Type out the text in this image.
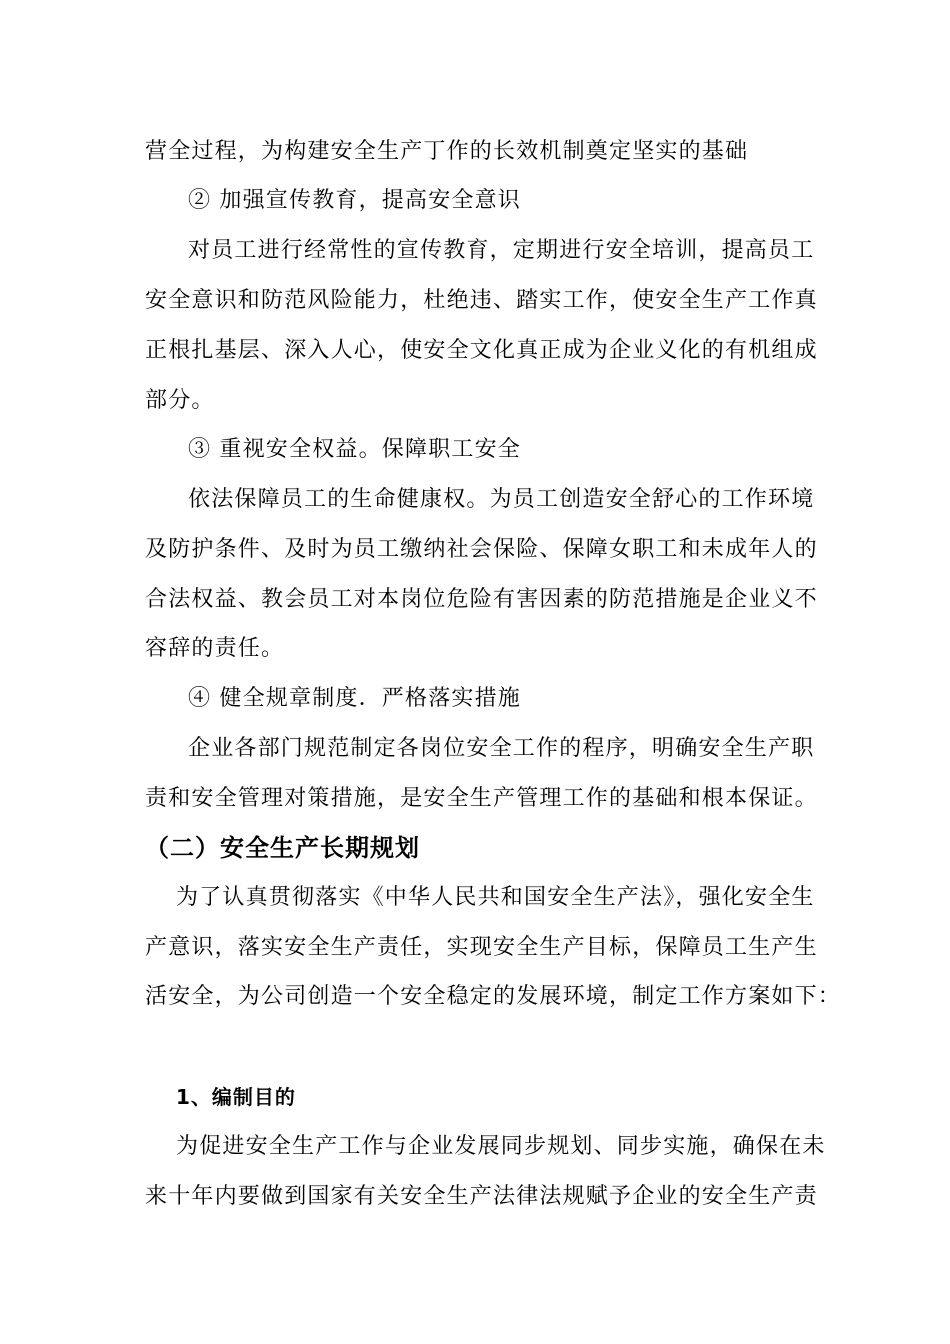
营全过程，为构建安全生产丁作的长效机制奠定坚实的基础
② 加强宣传教育，提高安全意识
对员工进行经常性的宣传教育，定期进行安全培训，提高员工
安全意识和防范风险能力，杜绝违、踏实工作，使安全生产工作真
正根扎基层、深入人心，使安全文化真正成为企业义化的有机组成
部分。
③ 重视安全权益。保障职工安全
依法保障员工的生命健康权。为员工创造安全舒心的工作环境
及防护条件、及时为员工缴纳社会保险、保障女职工和未成年人的
合法权益、教会员工对本岗位危险有害因素的防范措施是企业义不
容辞的责任。
④ 健全规章制度．严格落实措施
企业各部门规范制定各岗位安全工作的程序，明确安全生产职
责和安全管理对策措施，是安全生产管理工作的基础和根本保证。
（二）安全生产长期规划
为了认真贯彻落实《中华人民共和国安全生产法》，强化安全生
产意识，落实安全生产责任，实现安全生产目标，保障员工生产生
活安全，为公司创造一个安全稳定的发展环境，制定工作方案如下：
1、编制目的
为促进安全生产工作与企业发展同步规划、同步实施，确保在未
来十年内要做到国家有关安全生产法律法规赋予企业的安全生产责
